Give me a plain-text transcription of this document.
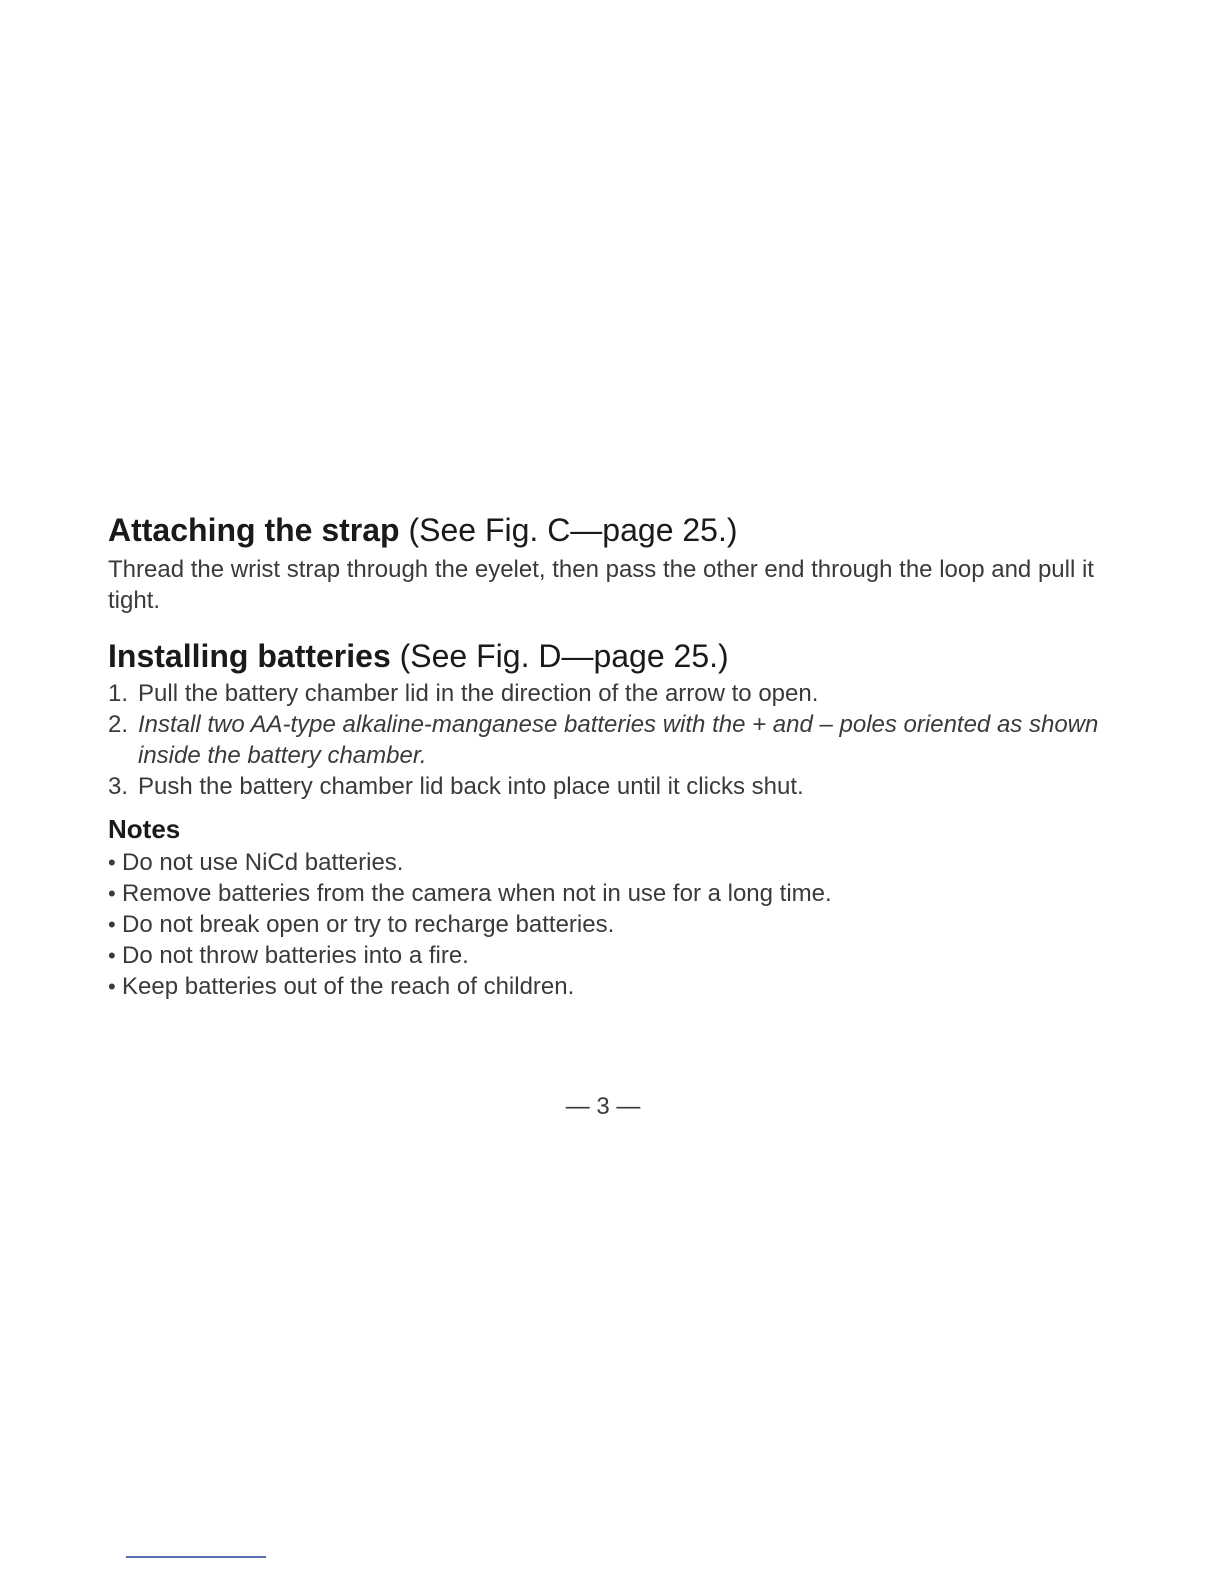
Attaching the strap (See Fig. C—page 25.)

Thread the wrist strap through the eyelet, then pass the other end through the loop and pull it tight.

Installing batteries (See Fig. D—page 25.)
1. Pull the battery chamber lid in the direction of the arrow to open.
2. Install two AA-type alkaline-manganese batteries with the + and – poles oriented as shown inside the battery chamber.
3. Push the battery chamber lid back into place until it clicks shut.
Notes
• Do not use NiCd batteries.
• Remove batteries from the camera when not in use for a long time.
• Do not break open or try to recharge batteries.
• Do not throw batteries into a fire.
• Keep batteries out of the reach of children.
— 3 —
